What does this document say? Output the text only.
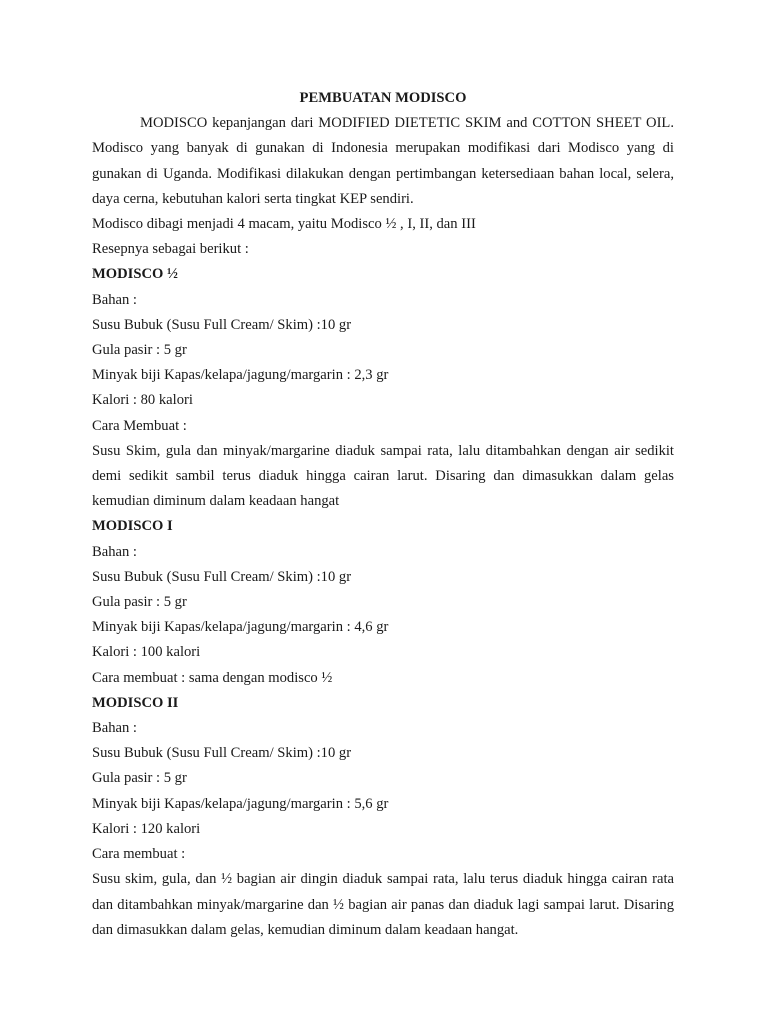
PEMBUATAN MODISCO

MODISCO kepanjangan dari MODIFIED DIETETIC SKIM and COTTON SHEET OIL. Modisco yang banyak di gunakan di Indonesia merupakan modifikasi dari Modisco yang di gunakan di Uganda. Modifikasi dilakukan dengan pertimbangan ketersediaan bahan local, selera, daya cerna, kebutuhan kalori serta tingkat KEP sendiri.

Modisco dibagi menjadi 4 macam, yaitu Modisco ½ , I, II, dan III

Resepnya sebagai berikut :

MODISCO ½

Bahan :

Susu Bubuk (Susu Full Cream/ Skim) :10 gr

Gula pasir : 5 gr

Minyak biji Kapas/kelapa/jagung/margarin : 2,3 gr

Kalori : 80 kalori

Cara Membuat :

Susu Skim, gula dan minyak/margarine diaduk sampai rata, lalu ditambahkan dengan air sedikit demi sedikit sambil terus diaduk hingga cairan larut. Disaring dan dimasukkan dalam gelas kemudian diminum dalam keadaan hangat

MODISCO I

Bahan :

Susu Bubuk (Susu Full Cream/ Skim) :10 gr

Gula pasir : 5 gr

Minyak biji Kapas/kelapa/jagung/margarin : 4,6 gr

Kalori : 100 kalori

Cara membuat : sama dengan modisco ½

MODISCO II

Bahan :

Susu Bubuk (Susu Full Cream/ Skim) :10 gr

Gula pasir : 5 gr

Minyak biji Kapas/kelapa/jagung/margarin : 5,6 gr

Kalori : 120 kalori

Cara membuat :

Susu skim, gula, dan ½ bagian air dingin diaduk sampai rata, lalu terus diaduk hingga cairan rata dan ditambahkan minyak/margarine dan ½ bagian air panas dan diaduk lagi sampai larut. Disaring dan dimasukkan dalam gelas, kemudian diminum dalam keadaan hangat.
